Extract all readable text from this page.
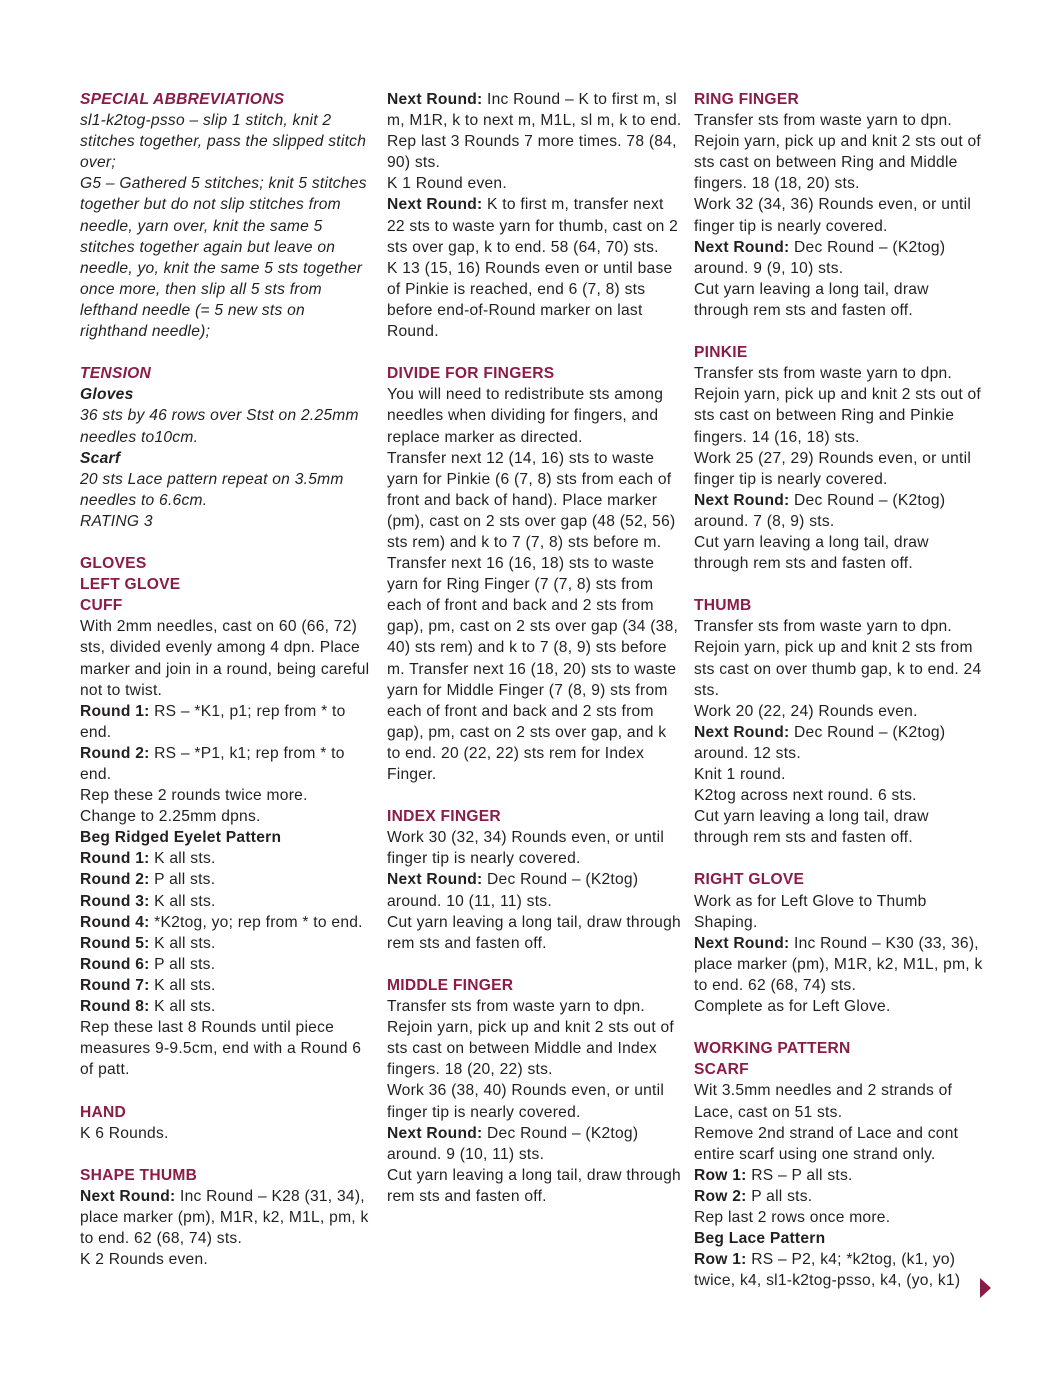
SPECIAL ABBREVIATIONS
sl1-k2tog-psso – slip 1 stitch, knit 2 stitches together, pass the slipped stitch over;
G5 – Gathered 5 stitches; knit 5 stitches together but do not slip stitches from needle, yarn over, knit the same 5 stitches together again but leave on needle, yo, knit the same 5 sts together once more, then slip all 5 sts from lefthand needle (= 5 new sts on righthand needle);
TENSION
Gloves
36 sts by 46 rows over Stst on 2.25mm needles to10cm.
Scarf
20 sts Lace pattern repeat on 3.5mm needles to 6.6cm.
RATING 3
GLOVES
LEFT GLOVE
CUFF
With 2mm needles, cast on 60 (66, 72) sts, divided evenly among 4 dpn. Place marker and join in a round, being careful not to twist.
Round 1: RS – *K1, p1; rep from * to end.
Round 2: RS – *P1, k1; rep from * to end.
Rep these 2 rounds twice more.
Change to 2.25mm dpns.
Beg Ridged Eyelet Pattern
Round 1: K all sts.
Round 2: P all sts.
Round 3: K all sts.
Round 4: *K2tog, yo; rep from * to end.
Round 5: K all sts.
Round 6: P all sts.
Round 7: K all sts.
Round 8: K all sts.
Rep these last 8 Rounds until piece measures 9-9.5cm, end with a Round 6 of patt.
HAND
K 6 Rounds.
SHAPE THUMB
Next Round: Inc Round – K28 (31, 34), place marker (pm), M1R, k2, M1L, pm, k to end. 62 (68, 74) sts.
K 2 Rounds even.
Next Round: Inc Round – K to first m, sl m, M1R, k to next m, M1L, sl m, k to end.
Rep last 3 Rounds 7 more times. 78 (84, 90) sts.
K 1 Round even.
Next Round: K to first m, transfer next 22 sts to waste yarn for thumb, cast on 2 sts over gap, k to end. 58 (64, 70) sts.
K 13 (15, 16) Rounds even or until base of Pinkie is reached, end 6 (7, 8) sts before end-of-Round marker on last Round.
DIVIDE FOR FINGERS
You will need to redistribute sts among needles when dividing for fingers, and replace marker as directed.
Transfer next 12 (14, 16) sts to waste yarn for Pinkie (6 (7, 8) sts from each of front and back of hand). Place marker (pm), cast on 2 sts over gap (48 (52, 56) sts rem) and k to 7 (7, 8) sts before m. Transfer next 16 (16, 18) sts to waste yarn for Ring Finger (7 (7, 8) sts from each of front and back and 2 sts from gap), pm, cast on 2 sts over gap (34 (38, 40) sts rem) and k to 7 (8, 9) sts before m. Transfer next 16 (18, 20) sts to waste yarn for Middle Finger (7 (8, 9) sts from each of front and back and 2 sts from gap), pm, cast on 2 sts over gap, and k to end. 20 (22, 22) sts rem for Index Finger.
INDEX FINGER
Work 30 (32, 34) Rounds even, or until finger tip is nearly covered.
Next Round: Dec Round – (K2tog) around. 10 (11, 11) sts.
Cut yarn leaving a long tail, draw through rem sts and fasten off.
MIDDLE FINGER
Transfer sts from waste yarn to dpn. Rejoin yarn, pick up and knit 2 sts out of sts cast on between Middle and Index fingers. 18 (20, 22) sts.
Work 36 (38, 40) Rounds even, or until finger tip is nearly covered.
Next Round: Dec Round – (K2tog) around. 9 (10, 11) sts.
Cut yarn leaving a long tail, draw through rem sts and fasten off.
RING FINGER
Transfer sts from waste yarn to dpn. Rejoin yarn, pick up and knit 2 sts out of sts cast on between Ring and Middle fingers. 18 (18, 20) sts.
Work 32 (34, 36) Rounds even, or until finger tip is nearly covered.
Next Round: Dec Round – (K2tog) around. 9 (9, 10) sts.
Cut yarn leaving a long tail, draw through rem sts and fasten off.
PINKIE
Transfer sts from waste yarn to dpn. Rejoin yarn, pick up and knit 2 sts out of sts cast on between Ring and Pinkie fingers. 14 (16, 18) sts.
Work 25 (27, 29) Rounds even, or until finger tip is nearly covered.
Next Round: Dec Round – (K2tog) around. 7 (8, 9) sts.
Cut yarn leaving a long tail, draw through rem sts and fasten off.
THUMB
Transfer sts from waste yarn to dpn. Rejoin yarn, pick up and knit 2 sts from sts cast on over thumb gap, k to end. 24 sts.
Work 20 (22, 24) Rounds even.
Next Round: Dec Round – (K2tog) around. 12 sts.
Knit 1 round.
K2tog across next round. 6 sts.
Cut yarn leaving a long tail, draw through rem sts and fasten off.
RIGHT GLOVE
Work as for Left Glove to Thumb Shaping.
Next Round: Inc Round – K30 (33, 36), place marker (pm), M1R, k2, M1L, pm, k to end. 62 (68, 74) sts.
Complete as for Left Glove.
WORKING PATTERN
SCARF
Wit 3.5mm needles and 2 strands of Lace, cast on 51 sts.
Remove 2nd strand of Lace and cont entire scarf using one strand only.
Row 1: RS – P all sts.
Row 2: P all sts.
Rep last 2 rows once more.
Beg Lace Pattern
Row 1: RS – P2, k4; *k2tog, (k1, yo) twice, k4, sl1-k2tog-psso, k4, (yo, k1)
